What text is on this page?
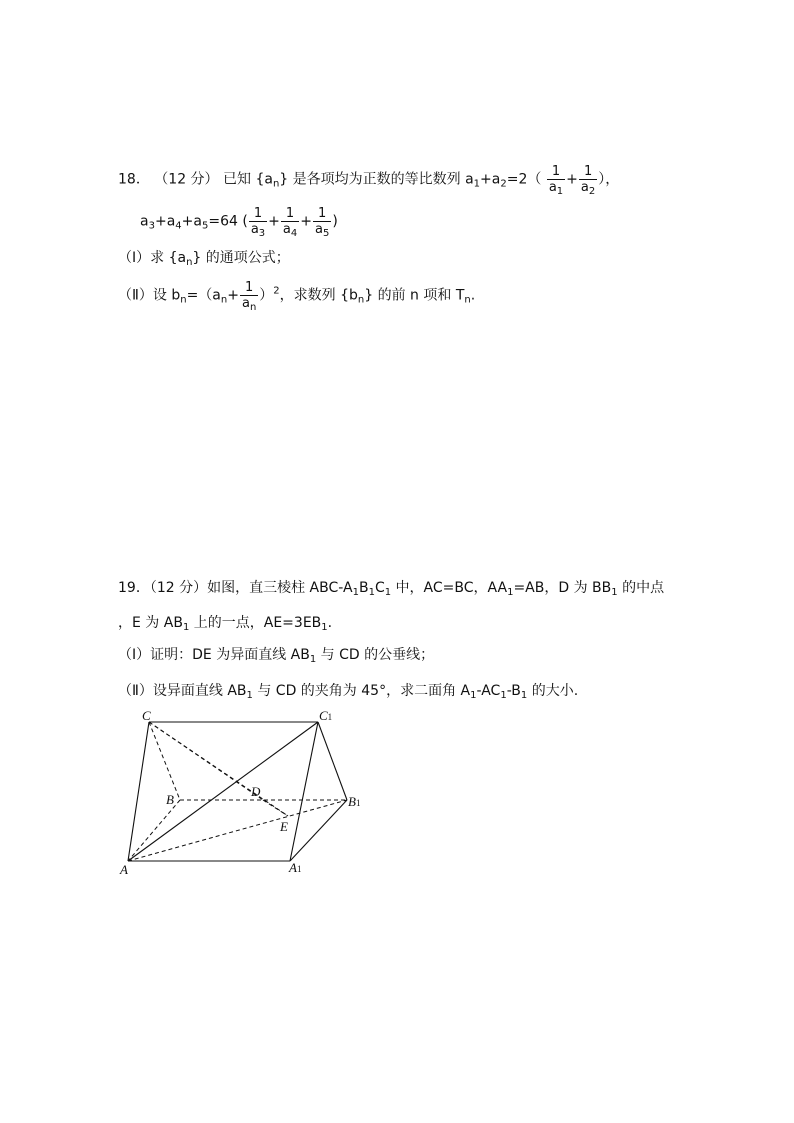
18． （12 分） 已知 $\{a_n\}$ 是各项均为正数的等比数列 $a_1+a_2=2( \frac{1}{a_1} + \frac{1}{a_2}$ ），
$a_3+a_4+a_5=64$ ( $\frac{1}{a_3} + \frac{1}{a_4} + \frac{1}{a_5}$ )
（Ⅰ）求 $\{a_n\}$ 的通项公式；
（Ⅱ）设 $b_n=(a_n+ \frac{1}{a_n} )^2$，求数列 $\{b_n\}$ 的前 n 项和 $T_n$.
19．（12 分）如图，直三棱柱 ABC-$A_1B_1C_1$ 中，AC=BC，$AA_1=AB$，D 为 $BB_1$ 的中点
，E 为 $AB_1$ 上的一点，$AE=3EB_1$.
（Ⅰ）证明：DE 为异面直线 $AB_1$ 与 CD 的公垂线；
（Ⅱ）设异面直线 $AB_1$ 与 CD 的夹角为 45°，求二面角 $A_1-AC_1-B_1$ 的大小.
C	C1
B
D
B1
E
A	A1
